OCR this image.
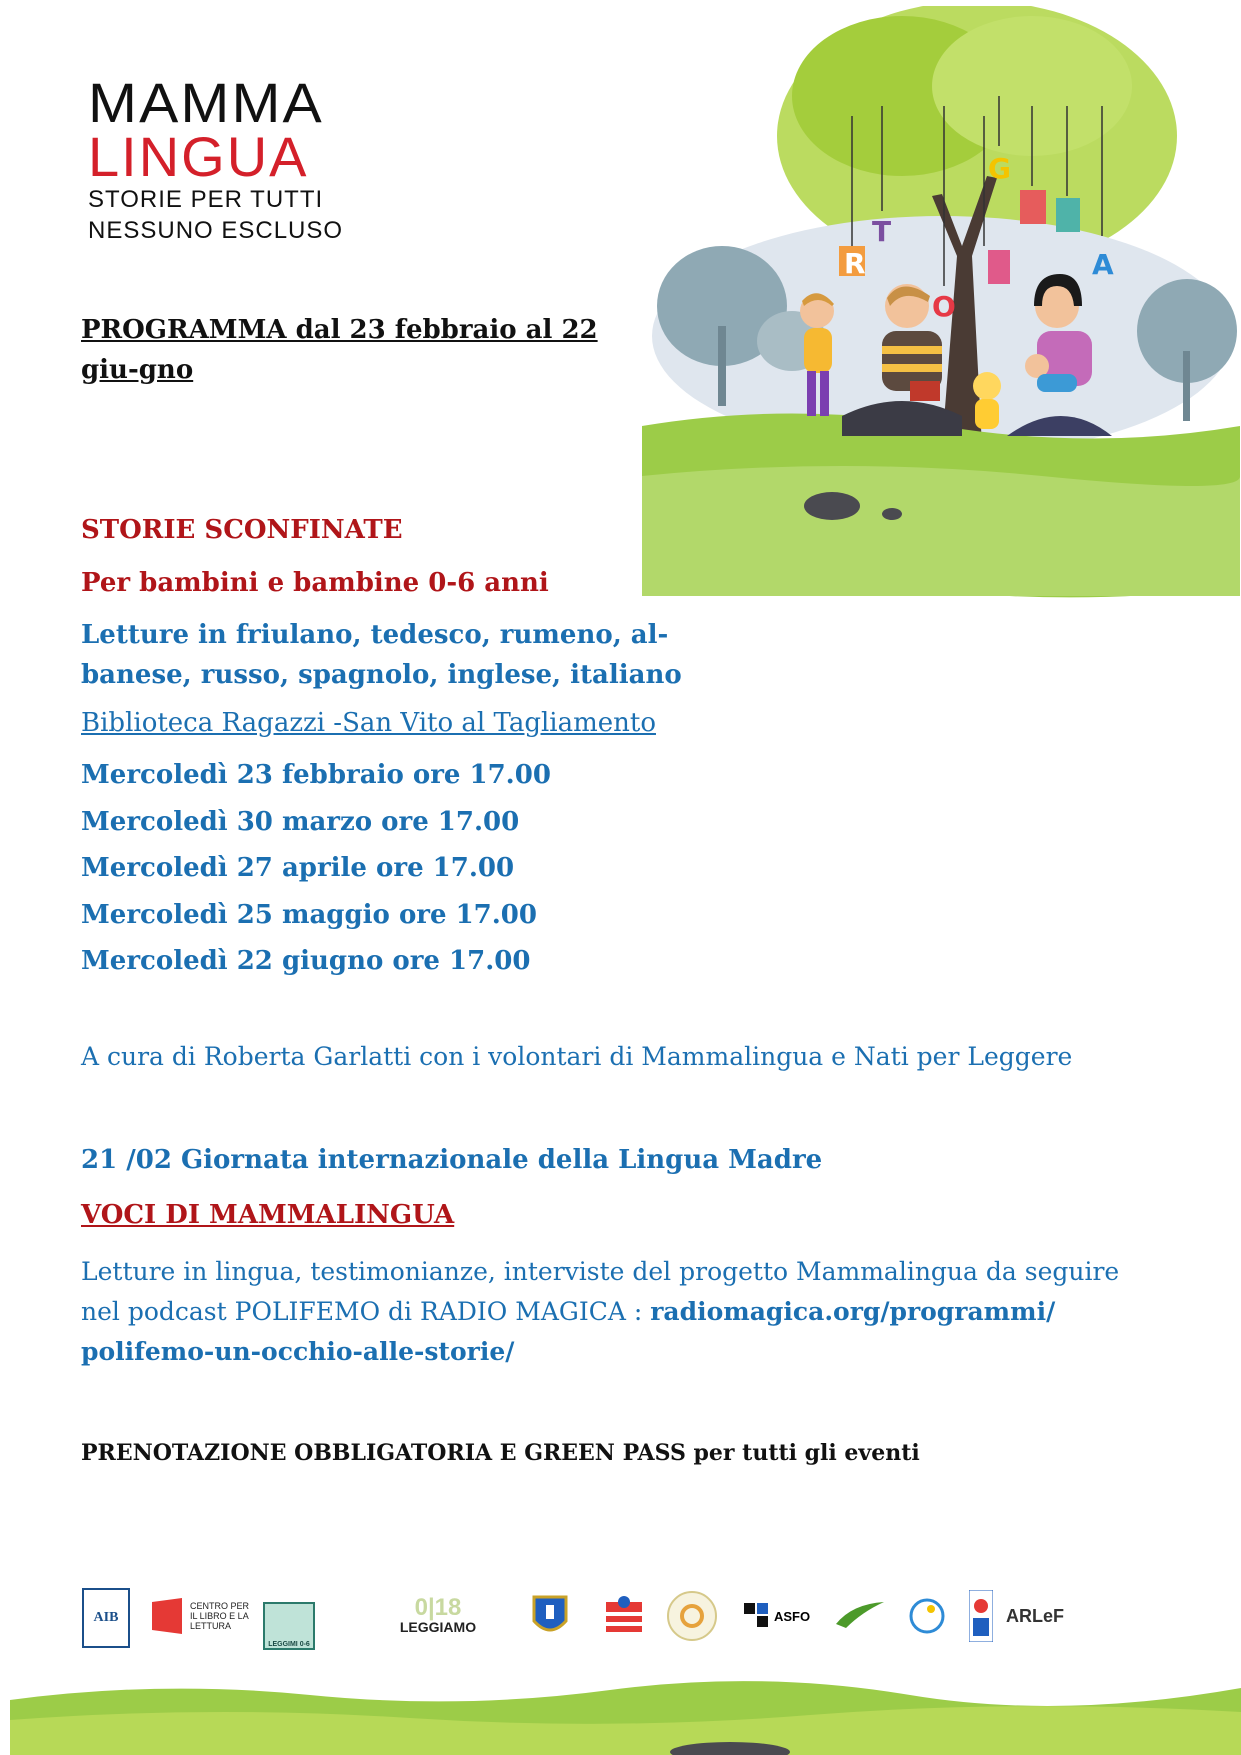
MAMMA
LINGUA
STORIE PER TUTTI
NESSUNO ESCLUSO
PROGRAMMA dal 23 febbraio al 22 giu-gno
R
T
O
G
A
STORIE SCONFINATE
Per bambini e bambine 0-6 anni
Letture in friulano, tedesco, rumeno, al-
banese, russo, spagnolo, inglese, italiano
Biblioteca Ragazzi -San Vito al Tagliamento
Mercoledì 23 febbraio ore 17.00
Mercoledì 30 marzo ore 17.00
Mercoledì 27 aprile ore 17.00
Mercoledì 25 maggio ore 17.00
Mercoledì 22 giugno ore 17.00
A cura di Roberta Garlatti con i volontari di Mammalingua e Nati per Leggere
21 /02 Giornata internazionale della Lingua Madre
VOCI DI MAMMALINGUA
Letture in lingua, testimonianze, interviste del progetto Mammalingua da seguire
nel podcast POLIFEMO di RADIO MAGICA : radiomagica.org/programmi/
polifemo-un-occhio-alle-storie/
PRENOTAZIONE OBBLIGATORIA E GREEN PASS per tutti gli eventi
AIB
CENTRO PER IL LIBRO E LA LETTURA
LEGGIMI 0-6
0|18
LEGGIAMO
ASFO	ARLeF
